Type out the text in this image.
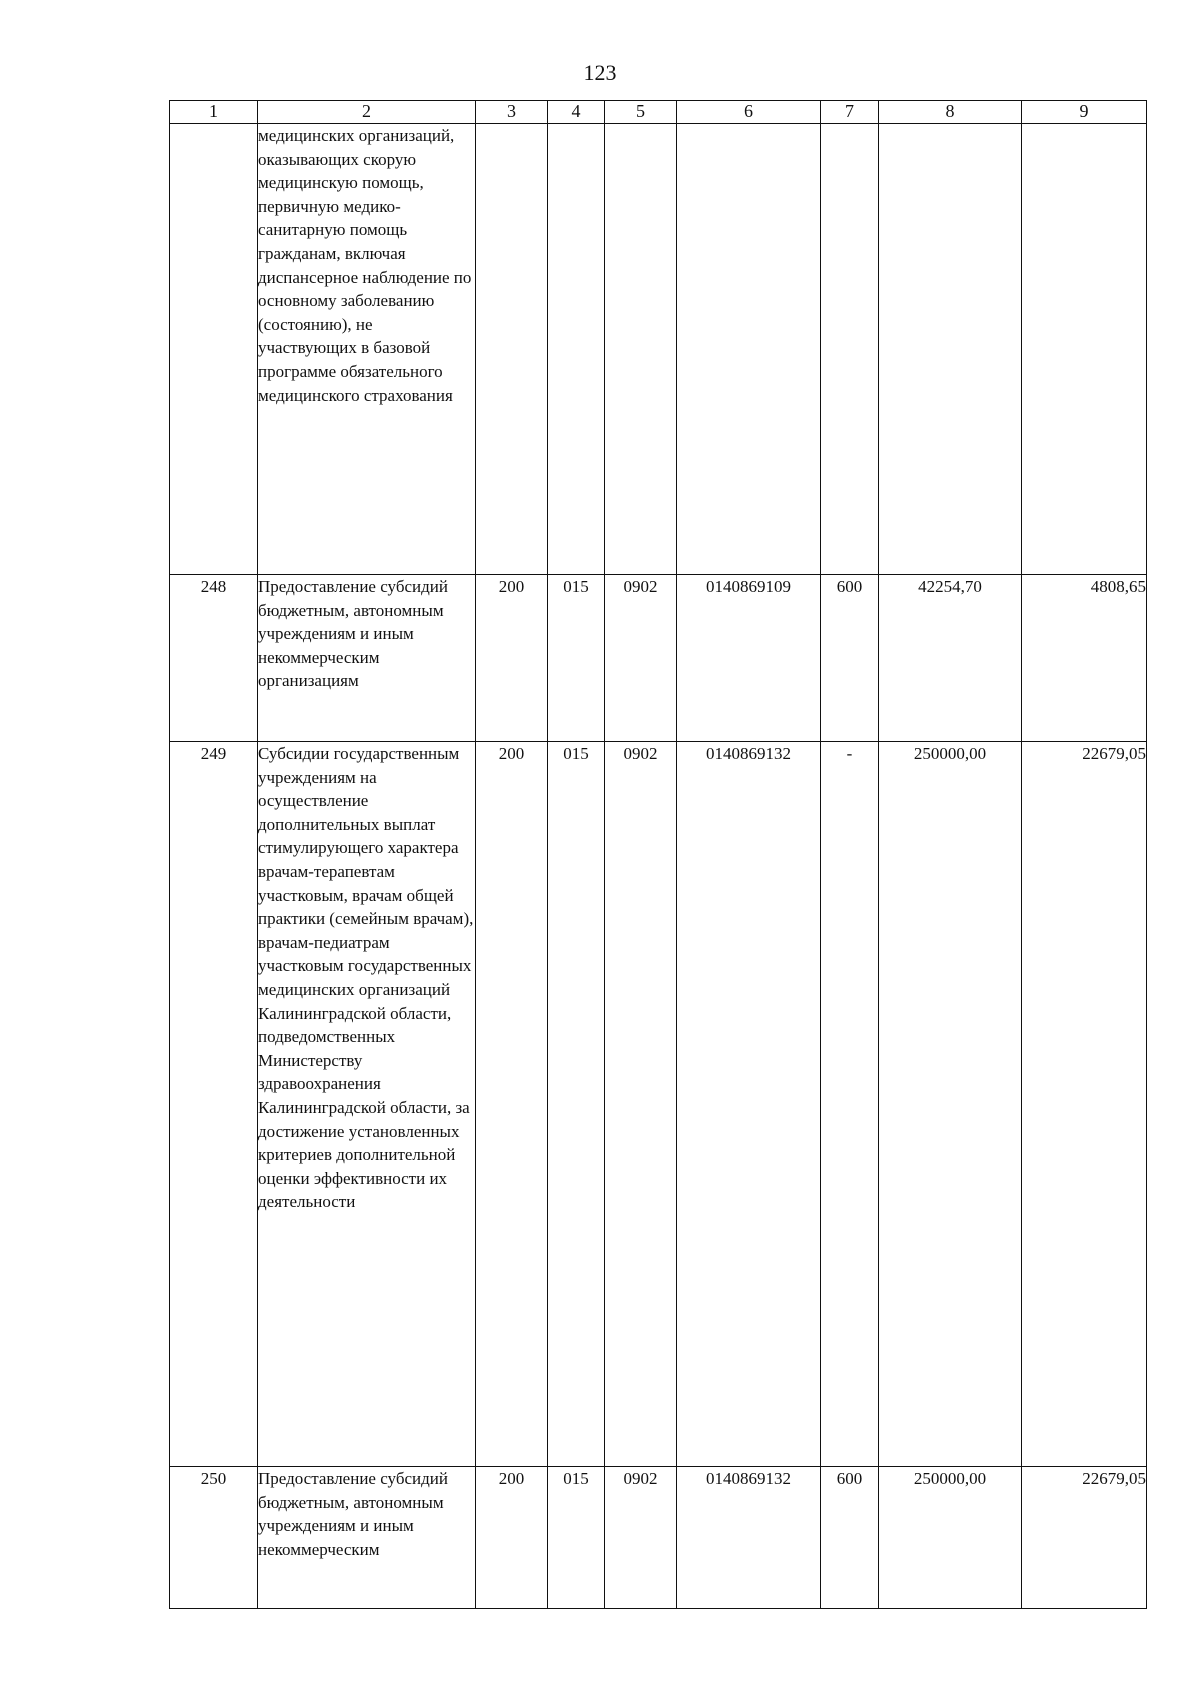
123
1	2	3	4	5	6	7	8	9
	медицинских организаций, оказывающих скорую медицинскую помощь, первичную медико-санитарную помощь гражданам, включая диспансерное наблюдение по основному заболеванию (состоянию), не участвующих в базовой программе обязательного медицинского страхования							
248	Предоставление субсидий бюджетным, автономным учреждениям и иным некоммерческим организациям	200	015	0902	0140869109	600	42254,70	4808,65
249	Субсидии государственным учреждениям на осуществление дополнительных выплат стимулирующего характера врачам-терапевтам участковым, врачам общей практики (семейным врачам), врачам-педиатрам участковым государственных медицинских организаций Калининградской области, подведомственных Министерству здравоохранения Калининградской области, за достижение установленных критериев дополнительной оценки эффективности их деятельности	200	015	0902	0140869132	-	250000,00	22679,05
250	Предоставление субсидий бюджетным, автономным учреждениям и иным некоммерческим	200	015	0902	0140869132	600	250000,00	22679,05
